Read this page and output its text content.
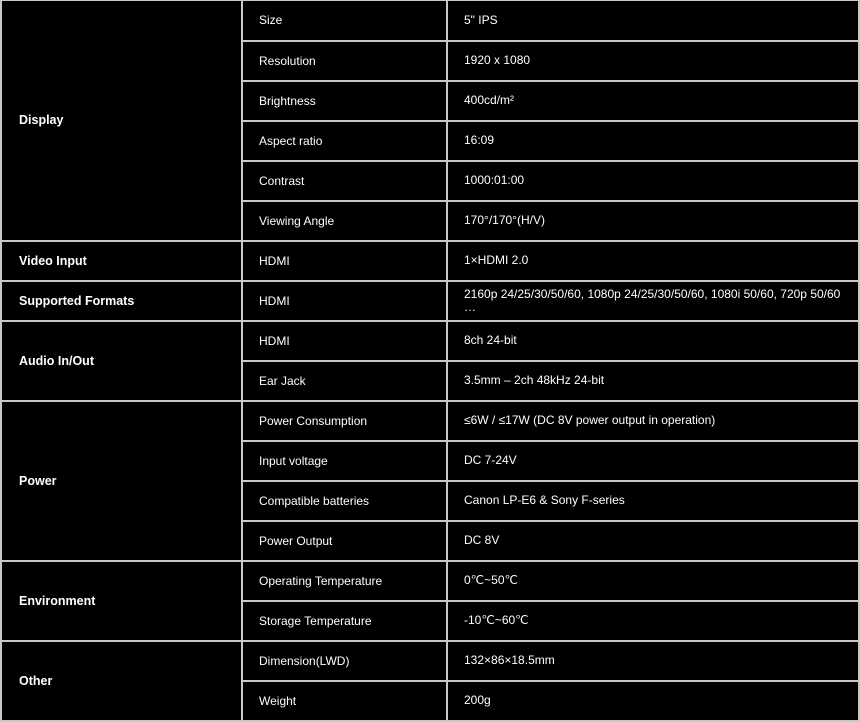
Display	Size	5" IPS
	Resolution	1920 x 1080
	Brightness	400cd/m²
	Aspect ratio	16:09
	Contrast	1000:01:00
	Viewing Angle	170°/170°(H/V)
Video Input	HDMI	1×HDMI 2.0
Supported Formats	HDMI	2160p 24/25/30/50/60, 1080p 24/25/30/50/60, 1080i 50/60, 720p 50/60 …
Audio In/Out	HDMI	8ch 24-bit
	Ear Jack	3.5mm – 2ch 48kHz 24-bit
Power	Power Consumption	≤6W / ≤17W (DC 8V power output in operation)
	Input voltage	DC 7-24V
	Compatible batteries	Canon LP-E6 & Sony F-series
	Power Output	DC 8V
Environment	Operating Temperature	0℃~50℃
	Storage Temperature	-10℃~60℃
Other	Dimension(LWD)	132×86×18.5mm
	Weight	200g
